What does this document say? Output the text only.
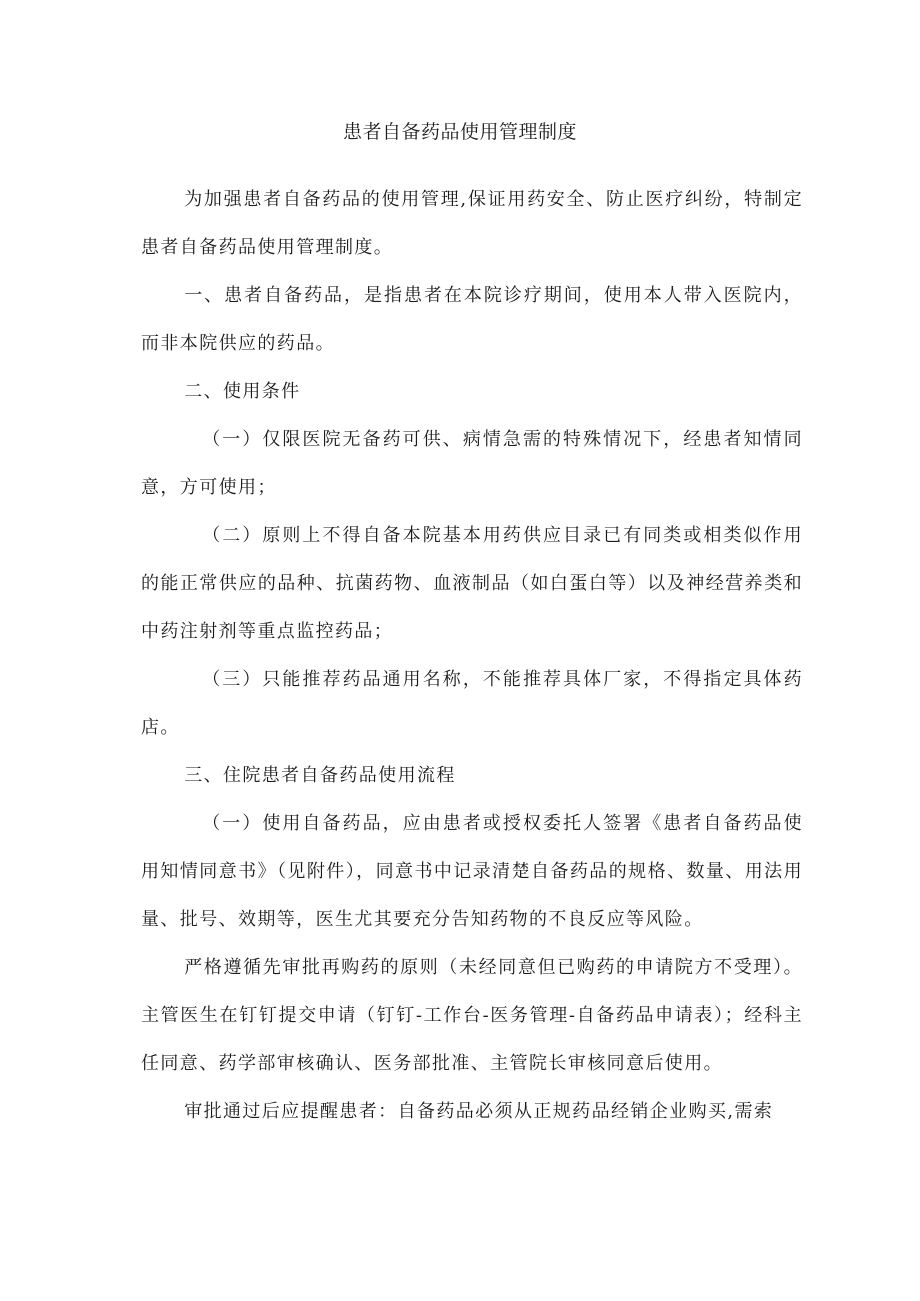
患者自备药品使用管理制度

为加强患者自备药品的使用管理,保证用药安全、防止医疗纠纷，特制定患者自备药品使用管理制度。

一、患者自备药品，是指患者在本院诊疗期间，使用本人带入医院内，而非本院供应的药品。

二、使用条件

（一）仅限医院无备药可供、病情急需的特殊情况下，经患者知情同意，方可使用；

（二）原则上不得自备本院基本用药供应目录已有同类或相类似作用的能正常供应的品种、抗菌药物、血液制品（如白蛋白等）以及神经营养类和中药注射剂等重点监控药品；

（三）只能推荐药品通用名称，不能推荐具体厂家，不得指定具体药店。

三、住院患者自备药品使用流程

（一）使用自备药品，应由患者或授权委托人签署《患者自备药品使用知情同意书》（见附件），同意书中记录清楚自备药品的规格、数量、用法用量、批号、效期等，医生尤其要充分告知药物的不良反应等风险。

严格遵循先审批再购药的原则（未经同意但已购药的申请院方不受理）。主管医生在钉钉提交申请（钉钉-工作台-医务管理-自备药品申请表）；经科主任同意、药学部审核确认、医务部批准、主管院长审核同意后使用。

审批通过后应提醒患者：自备药品必须从正规药品经销企业购买,需索
